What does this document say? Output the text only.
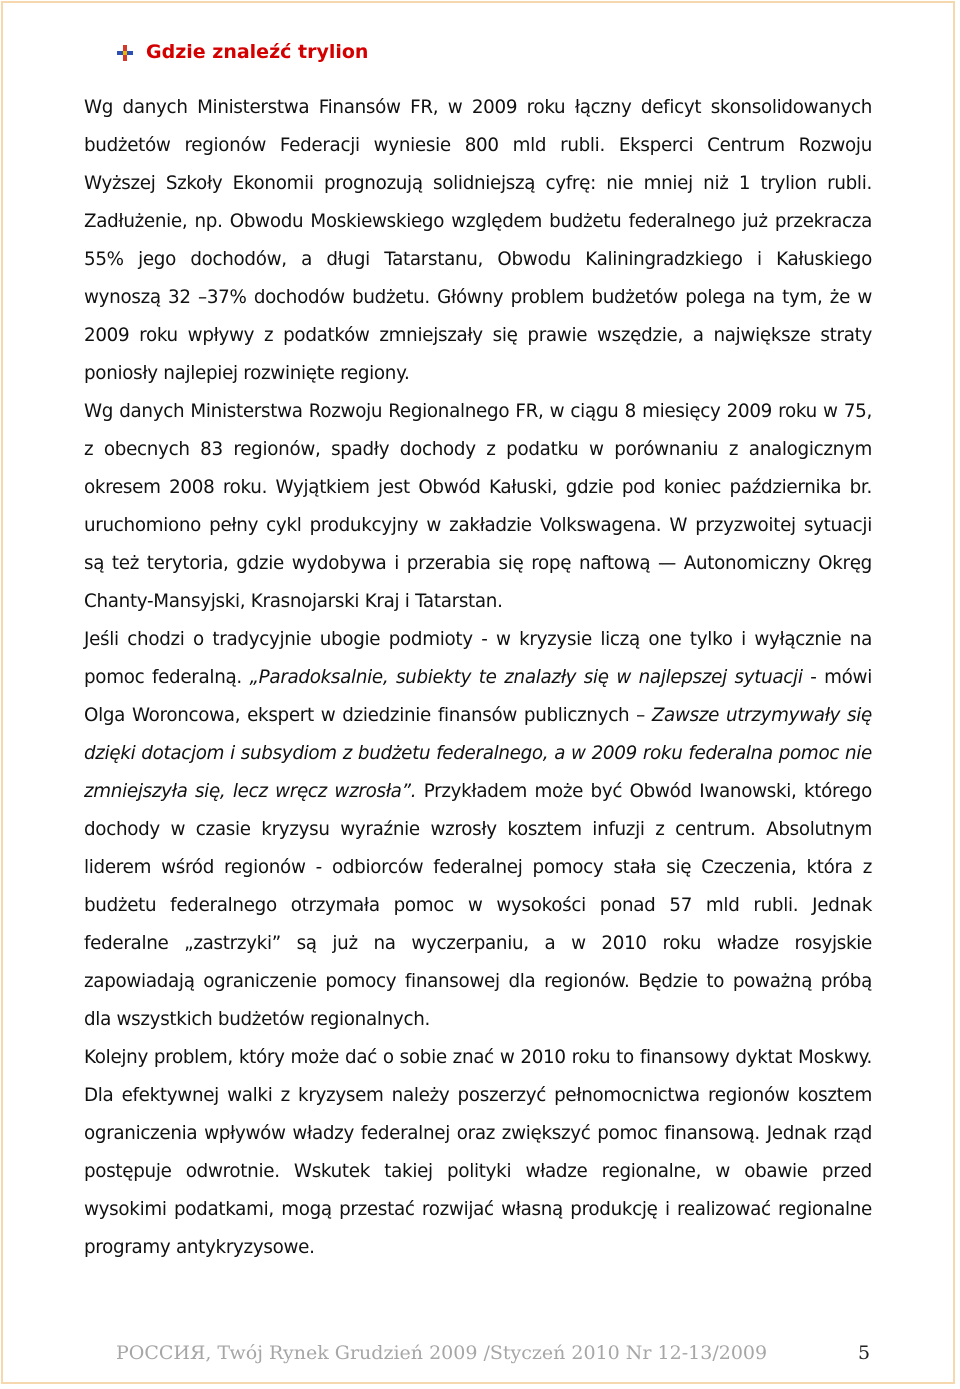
Gdzie znaleźć trylion

Wg danych Ministerstwa Finansów FR, w 2009 roku łączny deficyt skonsolidowanych budżetów regionów Federacji wyniesie 800 mld rubli. Eksperci Centrum Rozwoju Wyższej Szkoły Ekonomii prognozują solidniejszą cyfrę: nie mniej niż 1 trylion rubli. Zadłużenie, np. Obwodu Moskiewskiego względem budżetu federalnego już przekracza 55% jego dochodów, a długi Tatarstanu, Obwodu Kaliningradzkiego i Kałuskiego wynoszą 32 –37% dochodów budżetu. Główny problem budżetów polega na tym, że w 2009 roku wpływy z podatków zmniejszały się prawie wszędzie, a największe straty poniosły najlepiej rozwinięte regiony.

Wg danych Ministerstwa Rozwoju Regionalnego FR, w ciągu 8 miesięcy 2009 roku w 75, z obecnych 83 regionów, spadły dochody z podatku w porównaniu z analogicznym okresem 2008 roku. Wyjątkiem jest Obwód Kałuski, gdzie pod koniec października br. uruchomiono pełny cykl produkcyjny w zakładzie Volkswagena. W przyzwoitej sytuacji są też terytoria, gdzie wydobywa i przerabia się ropę naftową — Autonomiczny Okręg Chanty-Mansyjski, Krasnojarski Kraj i Tatarstan.

Jeśli chodzi o tradycyjnie ubogie podmioty - w kryzysie liczą one tylko i wyłącznie na pomoc federalną. „Paradoksalnie, subiekty te znalazły się w najlepszej sytuacji - mówi Olga Woroncowa, ekspert w dziedzinie finansów publicznych – Zawsze utrzymywały się dzięki dotacjom i subsydiom z budżetu federalnego, a w 2009 roku federalna pomoc nie zmniejszyła się, lecz wręcz wzrosła”. Przykładem może być Obwód Iwanowski, którego dochody w czasie kryzysu wyraźnie wzrosły kosztem infuzji z centrum. Absolutnym liderem wśród regionów - odbiorców federalnej pomocy stała się Czeczenia, która z budżetu federalnego otrzymała pomoc w wysokości ponad 57 mld rubli. Jednak federalne „zastrzyki” są już na wyczerpaniu, a w 2010 roku władze rosyjskie zapowiadają ograniczenie pomocy finansowej dla regionów. Będzie to poważną próbą dla wszystkich budżetów regionalnych.

Kolejny problem, który może dać o sobie znać w 2010 roku to finansowy dyktat Moskwy. Dla efektywnej walki z kryzysem należy poszerzyć pełnomocnictwa regionów kosztem ograniczenia wpływów władzy federalnej oraz zwiększyć pomoc finansową. Jednak rząd postępuje odwrotnie. Wskutek takiej polityki władze regionalne, w obawie przed wysokimi podatkami, mogą przestać rozwijać własną produkcję i realizować regionalne programy antykryzysowe.

РОССИЯ, Twój Rynek Grudzień 2009 /Styczeń 2010 Nr 12-13/2009	5
